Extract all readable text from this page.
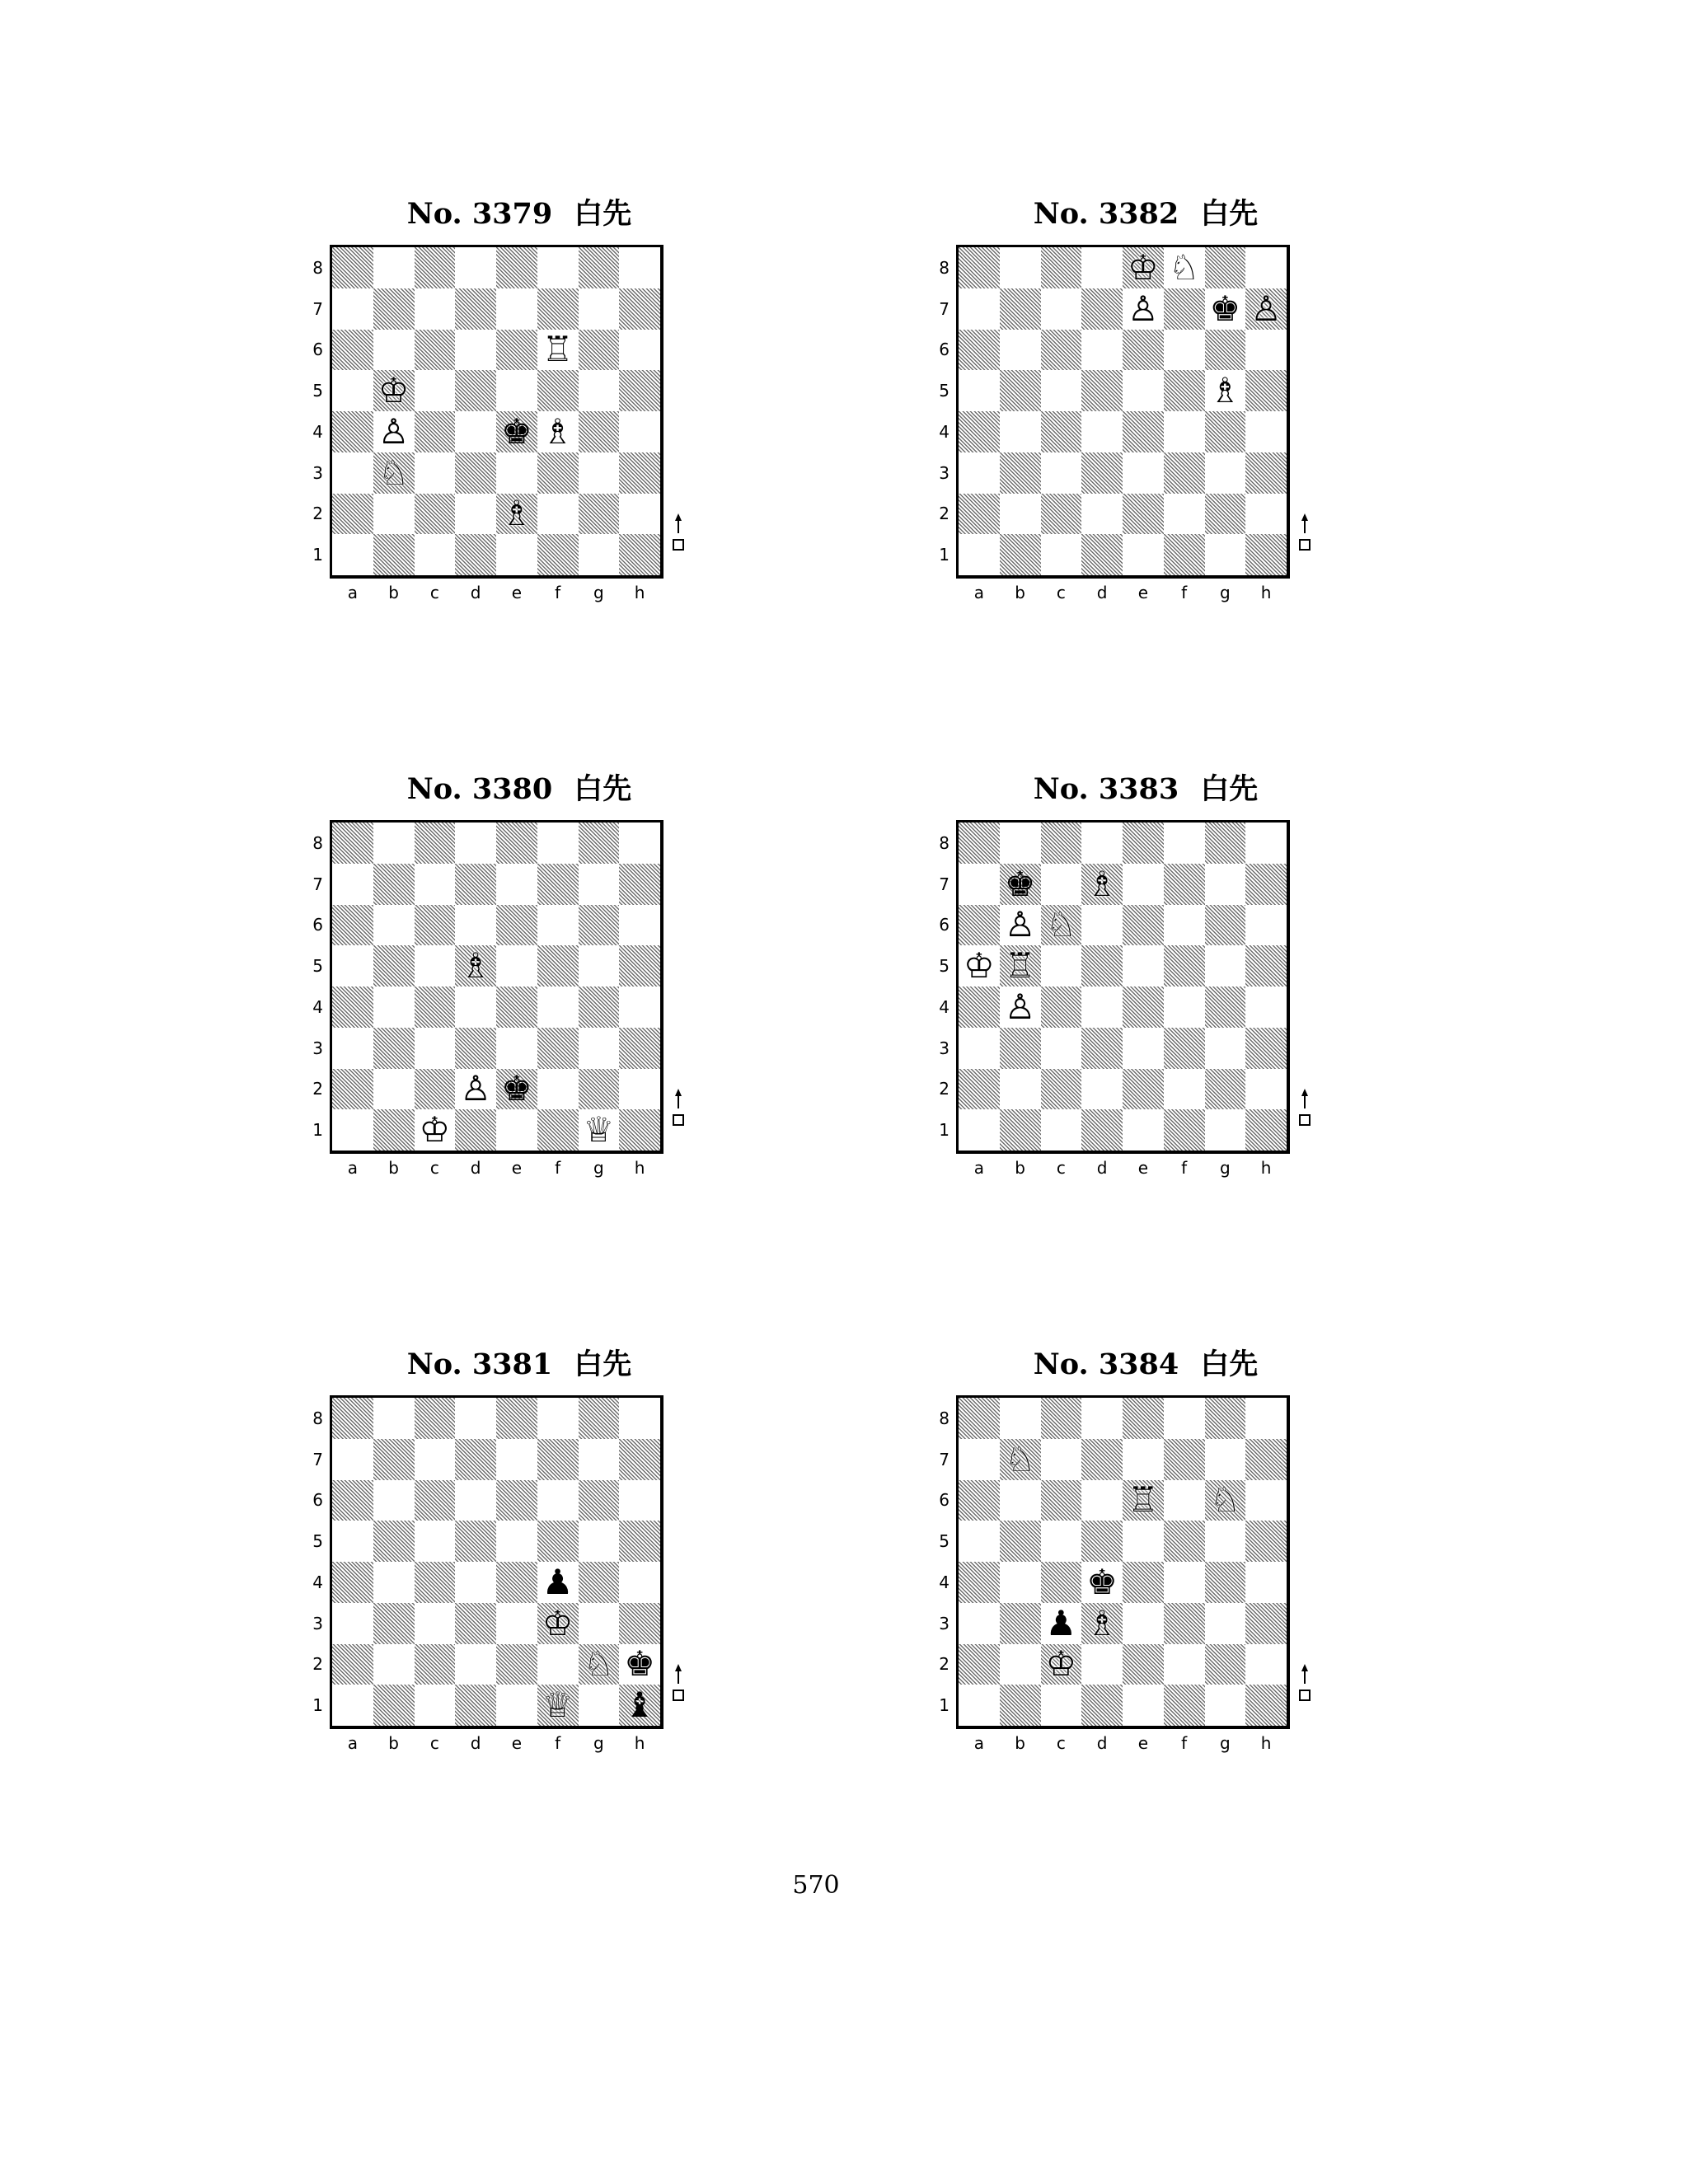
No. 3379 白先
♖
♔
♙	♚ ♗
♘
♗
8
7
6
5
4
3
2
1
a b c d e	f	g h
No. 3382 白先
♔ ♘
♙ ♚ ♙
♗
8
7
6
5
4
3
2
1
a b c d e	f	g h
No. 3380 白先
♗
♙ ♚
♔	♕
8
7
6
5
4
3
2
1
a b c d e	f	g h
No. 3383 白先
♚ ♗
♙ ♘
♔ ♖
♙
8
7
6
5
4
3
2
1
a b c d e	f	g h
No. 3381 白先
♟
♔
♘ ♚
♕ ♝
8
7
6
5
4
3
2
1
a b c d e	f	g h
No. 3384 白先
♘
♖ ♘
♚
♟ ♗
♔
8
7
6
5
4
3
2
1
a b c d e	f	g h
570
